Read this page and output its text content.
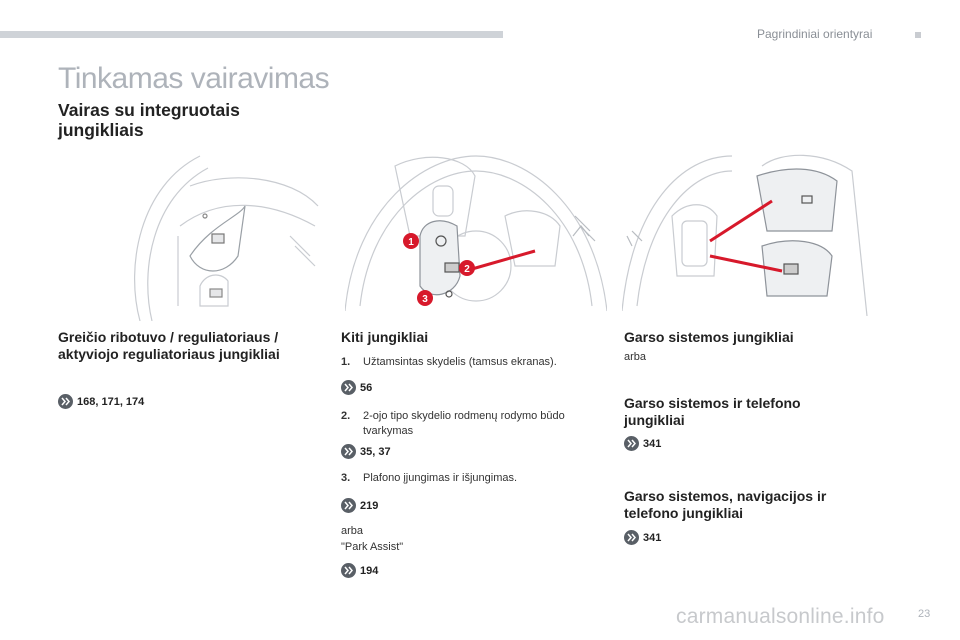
Pagrindiniai orientyrai
Tinkamas vairavimas
Vairas su integruotais jungikliais
1
2
3
Greičio ribotuvo / reguliatoriaus / aktyviojo reguliatoriaus jungikliai
168, 171, 174
Kiti jungikliai
1. Užtamsintas skydelis (tamsus ekranas).
56
2. 2-ojo tipo skydelio rodmenų rodymo būdo tvarkymas
35, 37
3. Plafono įjungimas ir išjungimas.
219
arba
"Park Assist"
194
Garso sistemos jungikliai
arba
Garso sistemos ir telefono jungikliai
341
Garso sistemos, navigacijos ir telefono jungikliai
341
carmanualsonline.info	23
